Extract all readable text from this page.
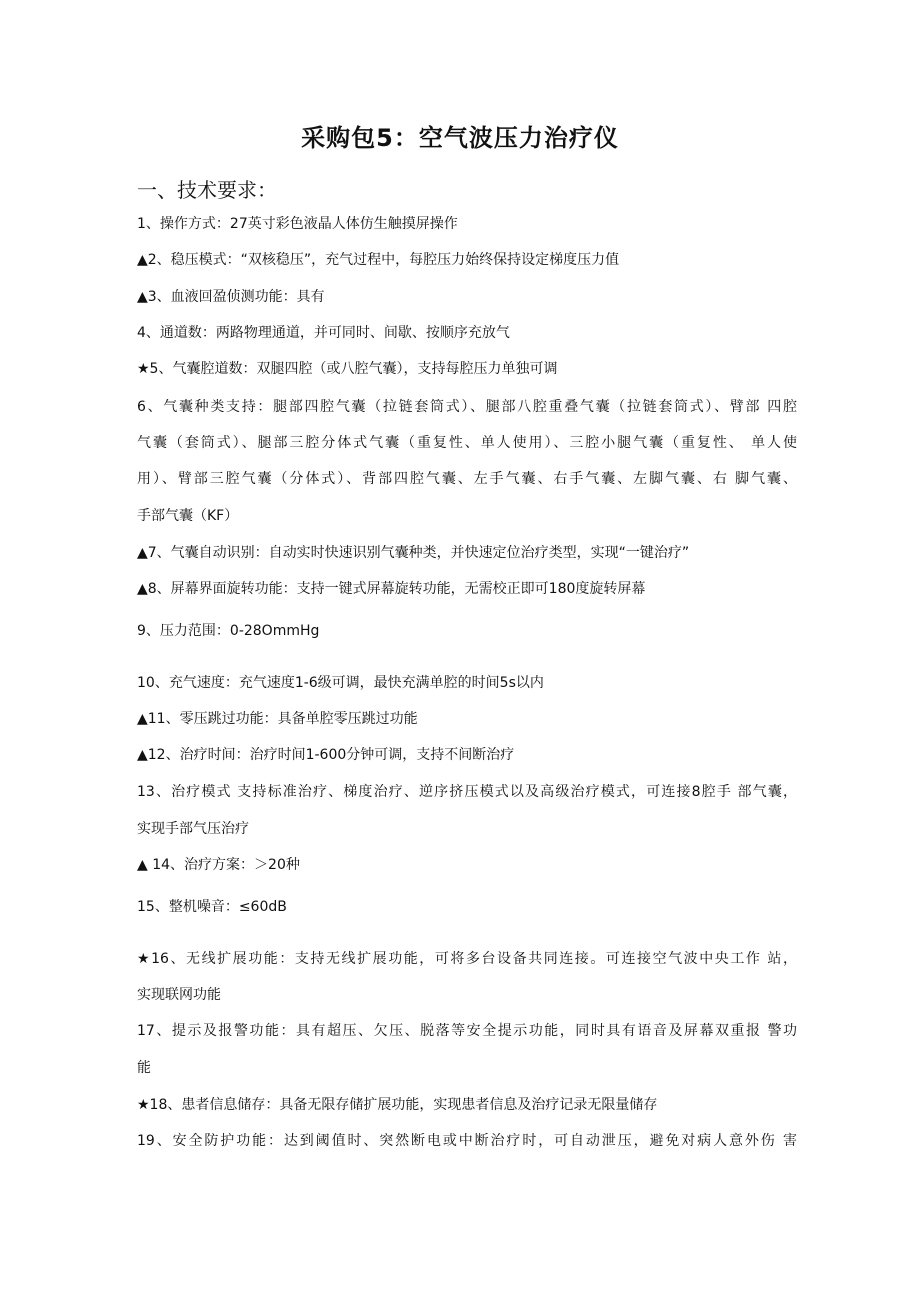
采购包5：空气波压力治疗仪
一、技术要求：
1、操作方式：27英寸彩色液晶人体仿生触摸屏操作
▲2、稳压模式：“双核稳压”，充气过程中，每腔压力始终保持设定梯度压力值
▲3、血液回盈侦测功能：具有
4、通道数：两路物理通道，并可同时、间歇、按顺序充放气
★5、气囊腔道数：双腿四腔（或八腔气囊），支持每腔压力单独可调
6、气囊种类支持：腿部四腔气囊（拉链套筒式）、腿部八腔重叠气囊（拉链套筒式）、臂部 四腔
气囊（套筒式）、腿部三腔分体式气囊（重复性、单人使用）、三腔小腿气囊（重复性、 单人使
用）、臂部三腔气囊（分体式）、背部四腔气囊、左手气囊、右手气囊、左脚气囊、右 脚气囊、
手部气囊（KF）
▲7、气囊自动识别：自动实时快速识别气囊种类，并快速定位治疗类型，实现“一键治疗”
▲8、屏幕界面旋转功能：支持一键式屏幕旋转功能，无需校正即可180度旋转屏幕
9、压力范围：0-28OmmHg
10、充气速度：充气速度1-6级可调，最快充满单腔的时间5s以内
▲11、零压跳过功能：具备单腔零压跳过功能
▲12、治疗时间：治疗时间1-600分钟可调，支持不间断治疗
13、治疗模式 支持标准治疗、梯度治疗、逆序挤压模式以及高级治疗模式，可连接8腔手 部气囊，
实现手部气压治疗
▲ 14、治疗方案：＞20种
15、整机噪音：≤60dB
★16、无线扩展功能：支持无线扩展功能，可将多台设备共同连接。可连接空气波中央工作 站，
实现联网功能
17、提示及报警功能：具有超压、欠压、脱落等安全提示功能，同时具有语音及屏幕双重报 警功
能
★18、患者信息储存：具备无限存储扩展功能，实现患者信息及治疗记录无限量储存
19、安全防护功能：达到阈值时、突然断电或中断治疗时，可自动泄压，避免对病人意外伤 害
